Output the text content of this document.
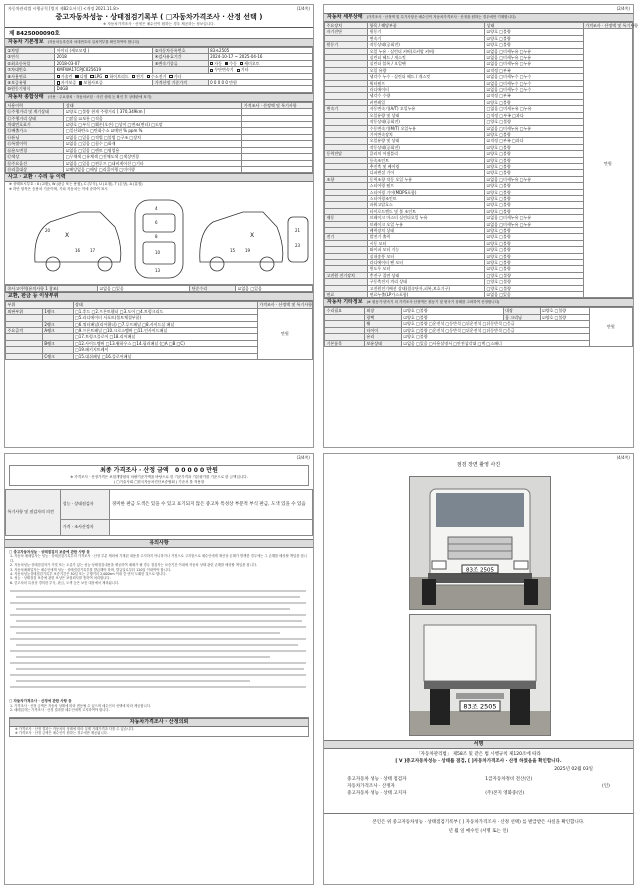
자동차관리법 시행규칙 [별지 제82호서식] <개정 2021.11.8>	(1/4쪽)
중고자동차성능 · 상태점검기록부 ( □자동차가격조사 · 산정 선택 )
※ 자동차가격조사 · 산정은 매수인이 원하는 경우 제공하는 정보입니다.
제 8425000090호
자동차 기본정보 (자동차등록증과 차대번호의 일치여부를 확인하여야 합니다)
①차명	마이티 (세모모델 )	②자동차등록번호	83조2505
③연식	2018	④검사유효기간	2024-10-17 ~ 2025-04-16
⑤최초등록일	2018-03-07	⑥변속기종류	자동 수동 세미오토
⑦차대번호	KMFWA17CPJC025619		무단변속기 기타
⑧사용연료	가솔린 디젤 LPG 하이브리드 전기 수소전기 기타		
⑨보증유형	자가보증 보험사보증	가격산정 기준가격	0 0 0 0 0 만원
⑩원동기형식	D4GB		
자동차 종합상태 (사용 · 주요장치 · 자동차보험 · 사진 상태 등 확인 후 상태란에 표기)
사용이력	상태	가격조사 · 산정액 및 특기사항
⑪주행거리 및 계기상태	☑양호 □불량 현재 주행거리 [ 370,349km ]	
⑫주행거리 상태	□많음 ☑보통 □적음	
차대번호표기	☑양호 □부식 □훼손(오손) □상이 □변조(변타) □도말	
⑬배출가스	□일산화탄소 □탄화수소 ☑매연 % ppm %	
⑭튜닝	☑없음 □있음 □적법 □불법 □구조 □장치	
⑮특별이력	☑없음 □있음 □침수 □화재	
⑯용도변경	☑없음 □있음 □렌트 □영업용	
⑰색상	□무채색 □유채색 □전체도색 □색상변경	
⑱주요옵션	☑없음 □있음 □썬루프 □네비게이션 □기타	
⑲리콜대상	☑해당없음 □해당 □리콜이행 □미이행	
사고 · 교환 · 수리 등 이력
※ 상태표시부호 : X (교환), W (판금 또는 용접), C (부식), U (요철), T (손상), A (흠집)
※ 하단 항목은 승용차 기준이며, 기타 자동차는 이에 준하여 표시
X	X
4
6
8
10
13
17
16	15 19
21
23
20
⑳사고이력(유의사항 1 참조)	☑없음 □있음	단순수리	☑없음 □있음
교환, 판금 등 이상부위
부위		상태	가격조사 · 산정액 및 특기사항
외판부위	1랭크	□1.후드 □2.프론트휀더 □3.도어 □4.트렁크리드	만원
		□5.라디에이터 서포트(볼트체결부품)	
	2랭크	□6.쿼터패널(리어휀더) □7.루프패널 □8.사이드실 패널	
주요골격	A랭크	□9.프론트패널 □10.크로스멤버 □11.인사이드패널	
		□17.트렁크플로어 □18.리어패널	
	B랭크	□12.사이드멤버 □13.휠하우스 □14.필러패널 (□A □B □C)	
		□19.패키지트레이	
	C랭크	□15.대쉬패널 □16.플로어패널	
(2/4쪽)
자동차 세부상태 (가격조사 · 산정액 및 특기사항은 매수인이 자동차가격조사 · 산정을 원하는 경우에만 기재합니다)
주요장치	항목 / 해당부품	상태	가격조사 · 산정액 및 특기사항
자기진단	원동기	☑양호 □불량	만원
	변속기	☑양호 □불량	
원동기	작동상태(공회전)	☑양호 □불량	
	오일 누유 · 실린더 커버(로커암 커버)	☑없음 □미세누유 □누유	
	실린더 헤드 / 개스킷	☑없음 □미세누유 □누유	
	실린더 블록 / 오일팬	☑없음 □미세누유 □누유	
	오일 유량	☑적정 □부족	
	냉각수 누수 · 실린더 헤드 / 개스킷	☑없음 □미세누수 □누수	
	워터펌프	☑없음 □미세누수 □누수	
	라디에이터	☑없음 □미세누수 □누수	
	냉각수 수량	☑적정 □부족	
	커먼레일	☑양호 □불량	
변속기	자동변속기(A/T) 오일누유	□없음 □미세누유 □누유	
	오일유량 및 상태	□적정 □부족 □과다	
	작동상태(공회전)	□양호 □불량	
	수동변속기(M/T) 오일누유	☑없음 □미세누유 □누유	
	기어변속장치	☑양호 □불량	
	오일유량 및 상태	☑적정 □부족 □과다	
	작동상태(공회전)	☑양호 □불량	
동력전달	클러치 어셈블리	☑양호 □불량	
	등속조인트	☑양호 □불량	
	추진축 및 베어링	☑양호 □불량	
	디퍼렌셜 기어	☑양호 □불량	
조향	동력조향 작동 오일 누유	☑없음 □미세누유 □누유	
	스티어링 펌프	☑양호 □불량	
	스티어링 기어(MDPS포함)	☑양호 □불량	
	스티어링조인트	☑양호 □불량	
	파워고압호스	☑양호 □불량	
	타이로드엔드 및 볼 조인트	☑양호 □불량	
제동	브레이크 마스터 실린더오일 누유	☑없음 □미세누유 □누유	
	브레이크 오일 누유	☑없음 □미세누유 □누유	
	배력장치 상태	☑양호 □불량	
전기	발전기 출력	☑양호 □불량	
	시동 모터	☑양호 □불량	
	와이퍼 모터 기능	☑양호 □불량	
	실내송풍 모터	☑양호 □불량	
	라디에이터 팬 모터	☑양호 □불량	
	윈도우 모터	☑양호 □불량	
고전원 전기장치	충전구 절연 상태	□양호 □불량	
	구동축전지 격리 상태	□양호 □불량	
	고전원전기배선 상태(접속단자,피복,보호기구)	□양호 □불량	
연료	연료누출(LP가스포함)	☑없음 □있음	
자동차 기타정보 (※ 원동기·변속기 의 가격조사·산정액은 원동기 및 변속기 상태를 고려하여 산정합니다)
수리필요	외장	☑양호 □불량	내장	☑양호 □불량	만원
	광택	☑양호 □불량	룸 크리닝	☑양호 □불량	
	휠	☑양호 □불량 □운전석 □동반석 □뒤운전석 □뒤동반석 □응급			
	타이어	☑양호 □불량 □운전석 □동반석 □뒤운전석 □뒤동반석 □응급			
	유리	☑양호 □불량			
기본품목	보유상태	☑없음 □있음 □사용설명서 □안전삼각대 □잭 □스패너			
(3/4쪽)
최종 가격조사 · 산정 금액 0 0 0 0 0 만원
※ 가격조사 · 산정가격은 보험개발원의 차량기준가액을 바탕으로 한 기준가격과 기본평가를 기준으로 한 금액입니다.
( □기술사회 □한국자동차진단보증협회 ) 기준서 를 적용함
특기사항 및 점검자의 의견	성능 · 상태점검자	경미한 판금 도색은 있을 수 있고 표기되지 않은 중고차 특성상 부분적 부식 판금, 도색 있을 수 있음
	가격 · 조사산정자	
유의사항
□ 중고자동차성능 · 상태점검의 보증에 관한 사항 등
1. 자동차 매매업자는 성능 · 상태점검기록부의 가격조사 · 산정 부분 제외에 기재된 내용을 고지하지 아니하거나 거짓으로 고지함으로 매수인에게 재산상 손해가 발생한 경우에는 그 손해를 배상할 책임을 집니다.
2. 자동차성능·상태점검자가 거짓 또는 오류가 있는 성능·상태점검내용을 제공하여 매매가 될 경우 점검자는 보증기간 이내에 자동차 상태 관련 손해를 배상할 책임을 집니다.
3. 자동차매매업자는 매수인에게 성능 · 상태점검기록부를 발급해야 하며, 발급일로부터 120일 이내여야 합니다.
4. 자동차성능상태점검기록부 보증기간은 30일 또는 주행거리 2,000km 이내 중 먼저 도래한 것으로 합니다.
5. 성능 · 상태점검 보증에 관한 보상은 보험회사를 통하여 처리합니다.
6. 중고차의 특성상 경미한 부식, 판금, 도색 등은 보증 대상에서 제외됩니다.
□ 자동차가격조사 · 산정에 관한 사항 등
1. 가격조사 · 산정 금액은 자동차 상태에 따라 변동될 수 있으며 매수인의 선택에 따라 제공합니다.
2. 매매업자는 가격조사 · 산정 결과를 매수인에게 고지하여야 합니다.
자동차가격조사 · 산정의뢰
※ 가격조사 · 산정 결과는 자동차의 상태에 따라 실제 거래가격과 다를 수 있습니다.
※ 가격조사 · 산정 금액은 매수인이 원하는 경우에만 제공됩니다.
(4/4쪽)
점검 장면 촬영 사진
83조 2505
83조 2505
서명
「자동차관리법」 제58조 및 같은 법 시행규칙 제120조에 따라
[ V ]중고자동차성능 · 상태를 점검, [ ]자동차가격조사 · 산정 하였음을 확인합니다.
2025년 02월 03일
중고자동차 성능 · 상태 점검자	1급자동차정비 전산(인)
자동차가격조사 · 산정자	(인)
중고자동차 성능 · 상태 고지자	(주)본지 영화중(인)
본인은 위 중고자동차성능 · 상태점검기록부 [ ] 자동차가격조사 · 산정 선택) 를 발급받은 사실을 확인합니다.
년 월 일 매수인 (서명 또는 인)
